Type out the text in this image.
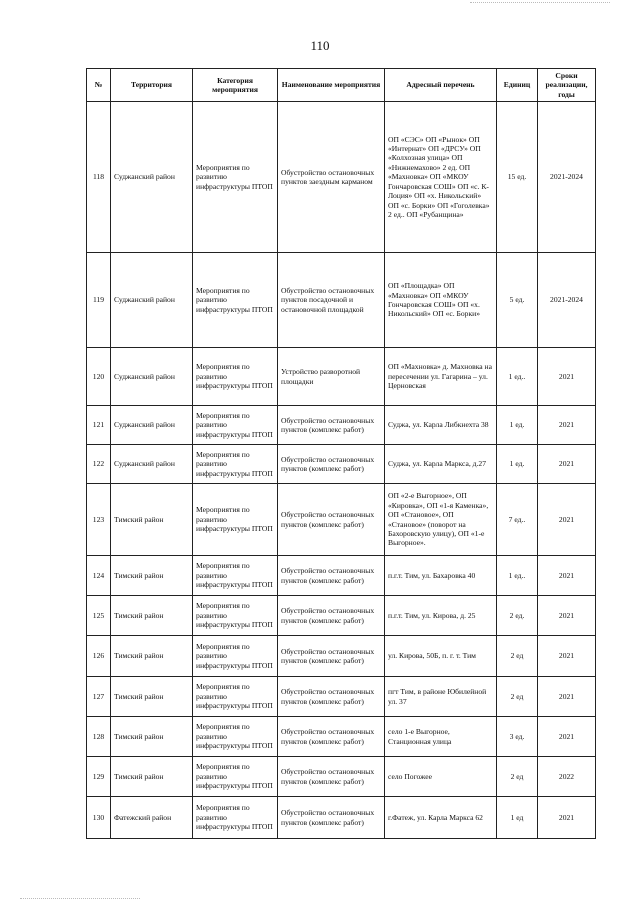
110
№	Территория	Категория мероприятия	Наименование мероприятия	Адресный перечень	Единиц	Сроки реализации, годы
118	Суджанский район	Мероприятия по развитию инфраструктуры ПТОП	Обустройство остановочных пунктов заездным карманом	ОП «СЭС» ОП «Рынок» ОП «Интернат» ОП «ДРСУ» ОП «Колхозная улица» ОП «Нижнемахово» 2 ед. ОП «Махновка» ОП «МКОУ Гончаровская СОШ» ОП «с. К-Лоция» ОП «х. Никольский» ОП «с. Борки» ОП «Гоголевка» 2 ед.. ОП «Рубанщина»	15 ед.	2021-2024
119	Суджанский район	Мероприятия по развитию инфраструктуры ПТОП	Обустройство остановочных пунктов посадочной и остановочной площадкой	ОП «Площадка» ОП «Махновка» ОП «МКОУ Гончаровская СОШ» ОП «х. Никольский» ОП «с. Борки»	5 ед.	2021-2024
120	Суджанский район	Мероприятия по развитию инфраструктуры ПТОП	Устройство разворотной площадки	ОП «Махновка» д. Махновка на пересечении ул. Гагарина – ул. Церновская	1 ед..	2021
121	Суджанский район	Мероприятия по развитию инфраструктуры ПТОП	Обустройство остановочных пунктов (комплекс работ)	Суджа, ул. Карла Либкнехта 38	1 ед.	2021
122	Суджанский район	Мероприятия по развитию инфраструктуры ПТОП	Обустройство остановочных пунктов (комплекс работ)	Суджа, ул. Карла Маркса, д.27	1 ед.	2021
123	Тимский район	Мероприятия по развитию инфраструктуры ПТОП	Обустройство остановочных пунктов (комплекс работ)	ОП «2-е Выгорное», ОП «Кировка», ОП «1-я Каменка», ОП «Становое», ОП «Становое» (поворот на Бахоровскую улицу), ОП «1-е Выгорное».	7 ед..	2021
124	Тимский район	Мероприятия по развитию инфраструктуры ПТОП	Обустройство остановочных пунктов (комплекс работ)	п.г.т. Тим, ул. Бахаровка 40	1 ед..	2021
125	Тимский район	Мероприятия по развитию инфраструктуры ПТОП	Обустройство остановочных пунктов (комплекс работ)	п.г.т. Тим, ул. Кирова, д. 25	2 ед.	2021
126	Тимский район	Мероприятия по развитию инфраструктуры ПТОП	Обустройство остановочных пунктов (комплекс работ)	ул. Кирова, 50Б, п. г. т. Тим	2 ед	2021
127	Тимский район	Мероприятия по развитию инфраструктуры ПТОП	Обустройство остановочных пунктов (комплекс работ)	пгт Тим, в районе Юбилейной ул. 37	2 ед	2021
128	Тимский район	Мероприятия по развитию инфраструктуры ПТОП	Обустройство остановочных пунктов (комплекс работ)	село 1-е Выгорное, Станционная улица	3 ед.	2021
129	Тимский район	Мероприятия по развитию инфраструктуры ПТОП	Обустройство остановочных пунктов (комплекс работ)	село Погожее	2 ед	2022
130	Фатежский район	Мероприятия по развитию инфраструктуры ПТОП	Обустройство остановочных пунктов (комплекс работ)	г.Фатеж, ул. Карла Маркса 62	1 ед	2021
